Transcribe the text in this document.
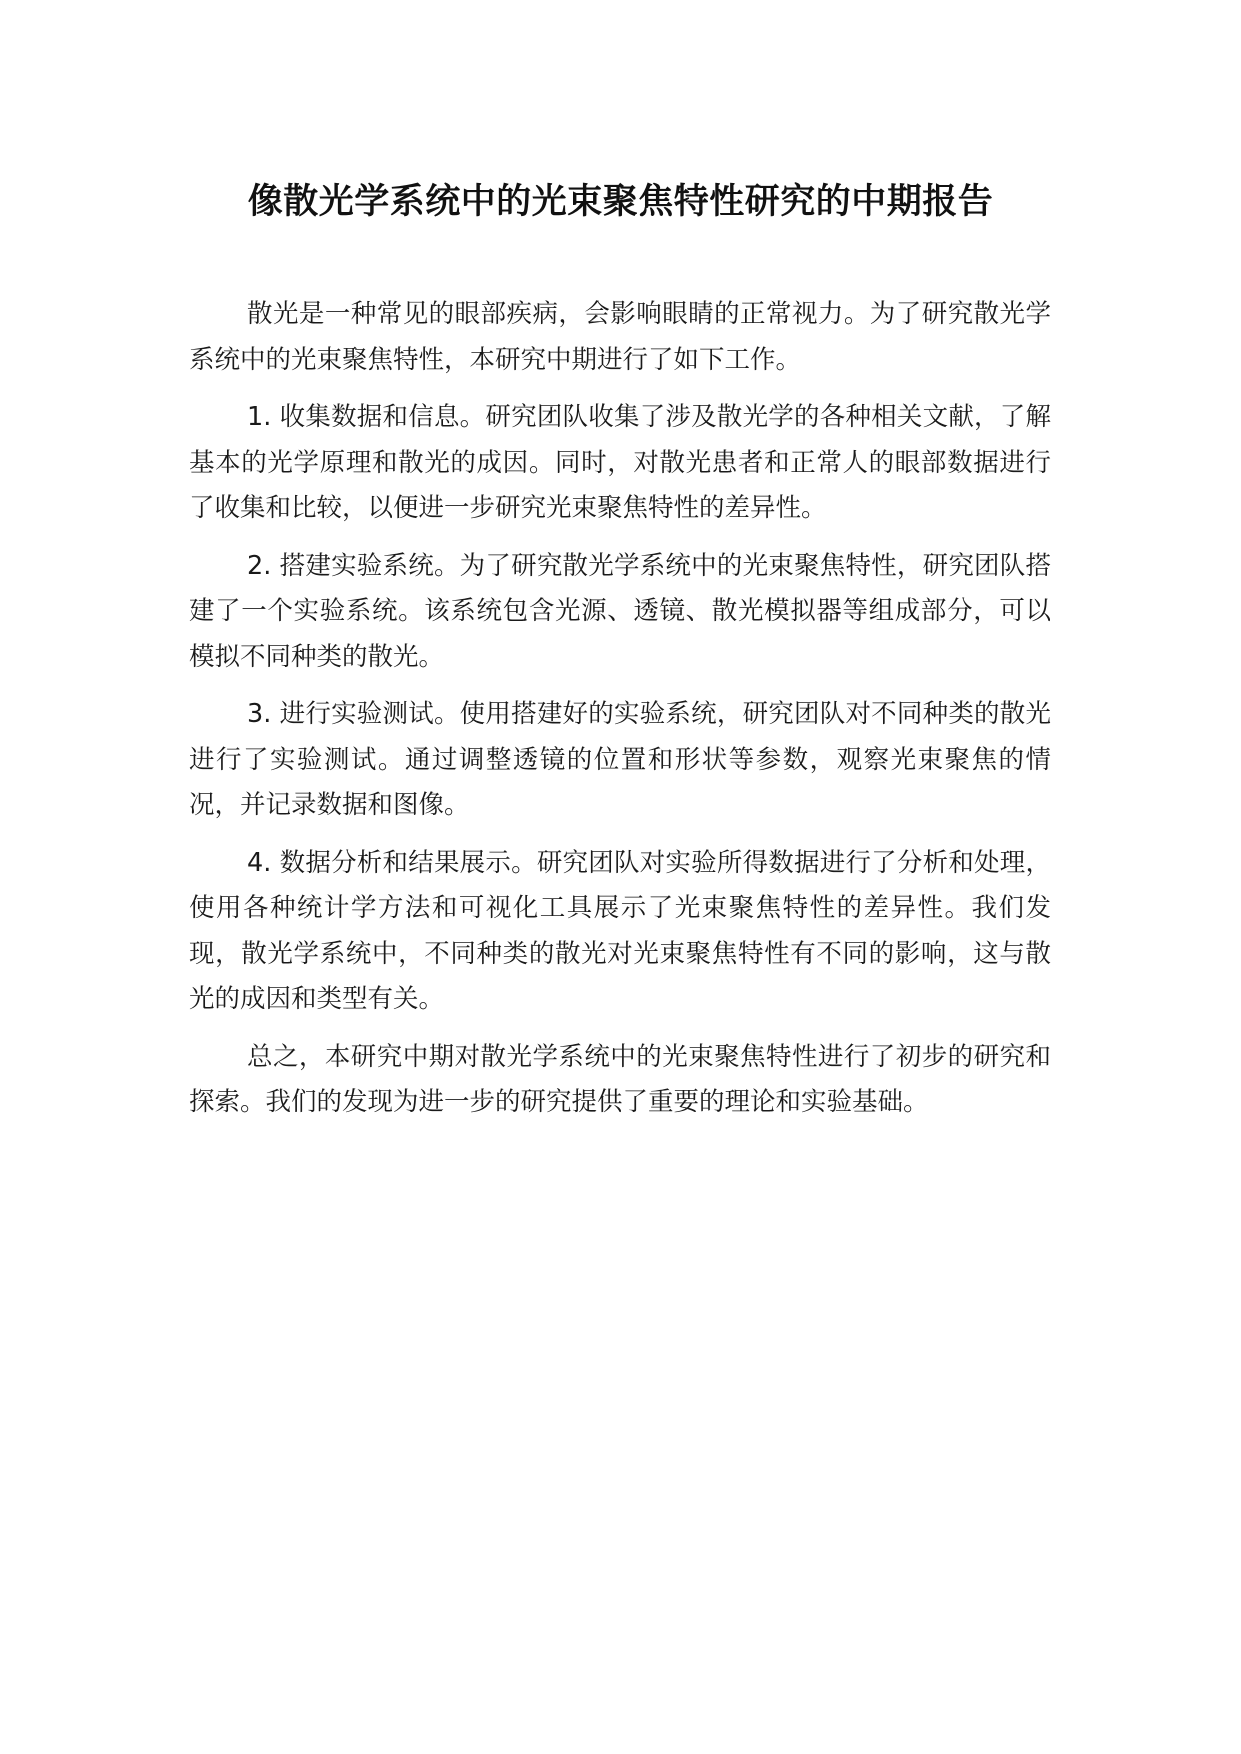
像散光学系统中的光束聚焦特性研究的中期报告

散光是一种常见的眼部疾病，会影响眼睛的正常视力。为了研究散光学系统中的光束聚焦特性，本研究中期进行了如下工作。

1. 收集数据和信息。研究团队收集了涉及散光学的各种相关文献，了解基本的光学原理和散光的成因。同时，对散光患者和正常人的眼部数据进行了收集和比较，以便进一步研究光束聚焦特性的差异性。

2. 搭建实验系统。为了研究散光学系统中的光束聚焦特性，研究团队搭建了一个实验系统。该系统包含光源、透镜、散光模拟器等组成部分，可以模拟不同种类的散光。

3. 进行实验测试。使用搭建好的实验系统，研究团队对不同种类的散光进行了实验测试。通过调整透镜的位置和形状等参数，观察光束聚焦的情况，并记录数据和图像。

4. 数据分析和结果展示。研究团队对实验所得数据进行了分析和处理，使用各种统计学方法和可视化工具展示了光束聚焦特性的差异性。我们发现，散光学系统中，不同种类的散光对光束聚焦特性有不同的影响，这与散光的成因和类型有关。

总之，本研究中期对散光学系统中的光束聚焦特性进行了初步的研究和探索。我们的发现为进一步的研究提供了重要的理论和实验基础。
